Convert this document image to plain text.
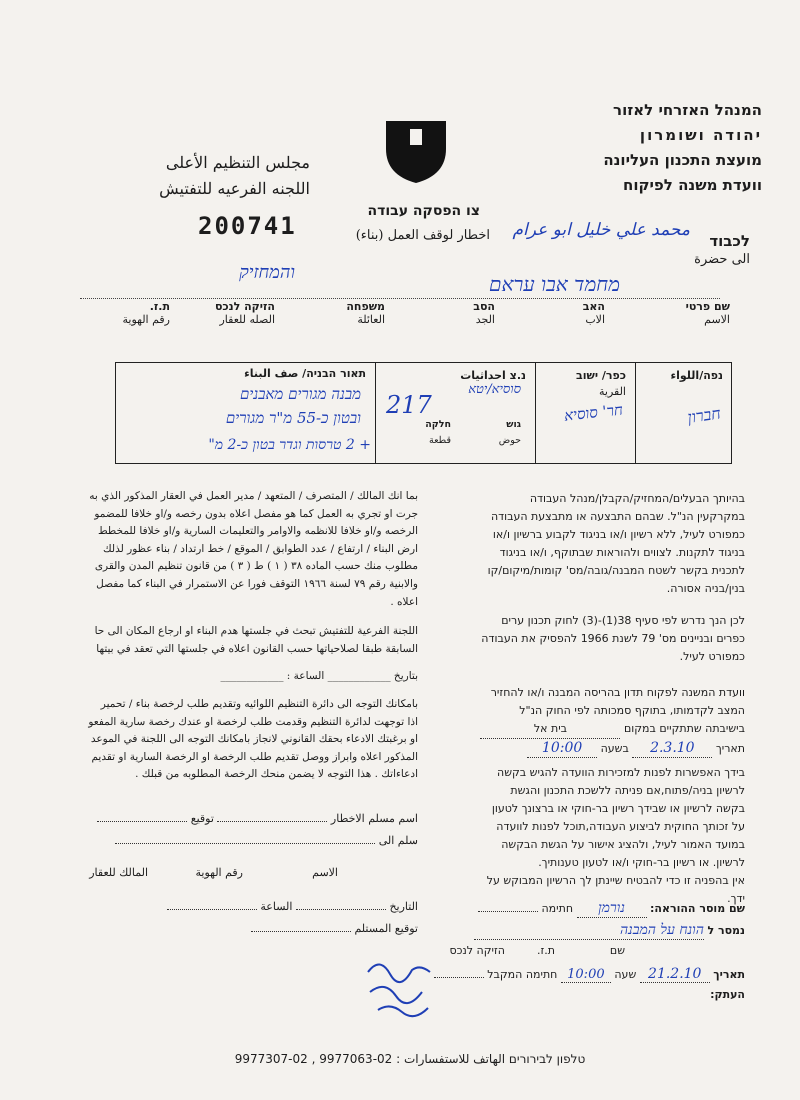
המנהל האזרחי לאזור
יהודה ושומרון
מועצת התכנון העליונה
וועדת משנה לפיקוח
مجلس التنظيم الأعلى
اللجنه الفرعيه للتفتيش
200741
צו הפסקה עבודה
اخطار لوقف العمل (بناء)	محمد علي خليل ابو عرام
לכבוד
الى حضرة
מחמד אבו עראם
והמחזיק
שם פרטי
الاسم
האב
الاب
הסב
الجد
משפחה
العائلة
הזיקה לנכס
الصله للعقار
ת.ז.
رقم الهوية
נפה/اللواء
כפר/ ישוב
القرية
נ.צ احداثيات
גוש
حوض
חלקה
قطعة
תאור הבניה/ صف البناء
חברון
חר' סוסיא
217
סוסיא/יטא
מבנה מגורים מאבנים
ובטון כ-55 מ"ר מגורים
+ 2 טרסות וגדר בטון כ-2 מ"
بما انك المالك / المتصرف / المتعهد / مدير العمل في العقار المذكور الذي به
جرت او تجري به العمل كما هو مفصل اعلاه بدون رخصه و/او خلافا للمضمو
الرخصه و/او خلافا للانظمه والاوامر والتعليمات السارية و/او خلافا للمخطط
ارض البناء / ارتفاع / عدد الطوابق / الموقع / خط ارتداد / بناء عظور لذلك
مطلوب منك حسب الماده ٣٨ ( ١ ) ط ( ٣ ) من قانون تنظيم المدن والقرى
والابنية رقم ٧٩ لسنة ١٩٦٦ التوقف فورا عن الاستمرار في البناء كما مفصل
اعلاه .
اللجنة الفرعية للتفتيش تبحث في جلستها هدم البناء او ارجاع المكان الى حا
السابقة طبقا لصلاحياتها حسب القانون اعلاه في جلستها التي تعقد في بيتها
بتاريخ ____________ الساعة : ____________
بامكانك التوجه الى دائرة التنظيم اللوائيه وتقديم طلب لرخصة بناء / تحمير
اذا توجهت لدائرة التنظيم وقدمت طلب لرخصة او عندك رخصة سارية المفعو
او برغبتك الادعاء بحقك القانوني لانجاز بامكانك التوجه الى اللجنة في الموعد
المذكور اعلاه وابراز ووصل تقديم طلب الرخصة او الرخصة السارية او تقديم
ادعاءاتك . هذا التوجه لا يضمن منحك الرخصة المطلوبه من قبلك .
اسم مسلم الاخطار  توقيع
سلم الى
الاسم
رقم الهوية
المالك للعقار
التاريخ  الساعة
توقيع المستلم
בהיותך הבעלים/המחזיק/הקבלן/מנהל העבודה
במקרקעין הנ"ל. שבהם התבצעה או מתבצעת העבודה
כמפורט לעיל, ללא רשיון ו/או בניגוד לקבוע ברשיון ו/או
בניגוד לתקנות. לצווים ולהוראות שבתוקף, ו/או בניגוד
לתכנית בקשר לשטח המבנה/גובה/מס' קומות/מיקום/קו
בנין/בניה אסורה.
לכן הנך נדרש לפי סעיף 38(1)-(3) לחוק תכנון ערים
כפרים ובניינים מס' 79 לשנת 1966 להפסיק את העבודה
כמפורט לעיל.
וועדת המשנה לפקוח תדון בהריסה המבנה ו/או להחזיר
המצב לקדמותו, בתוקף סמכותה לפי החוק הנ"ל
בישיבתה שתתקיים במקום בית אל
תאריך 2.3.10 בשעה 10:00
בידך האפשרות לפנות למזכירות הוועדה להגיש בקשה
לרשיון בניה/פתוח,אם פניתה ללשכת התכנון והגשת
בקשה לרשיון או שבידך רשיון בר-חוקי או ברצונך לטעון
על זכותך החוקית לביצוע העבודה,תוכל לפנות לוועדה
במועד האמור לעיל, ולהציג אישור על הגשת הבקשה
לרשיון. או רשיון בר-חוקי ו/או לטעון טענותיך.
אין בהפניה זו כדי להבטיח שיינתן לך הרשיון המבוקש על
ידך.
שם מוסר ההוראה: נורמן חתימה
נמסר ל הונח על המבנה
שם
ת.ז.
הזיקה לנכס
תאריך 21.2.10 שעה 10:00 חתימה המקבל
העתק:
טלפון לבירורים الهاتف للاستفسارات : 02-9977063 , 02-9977307
